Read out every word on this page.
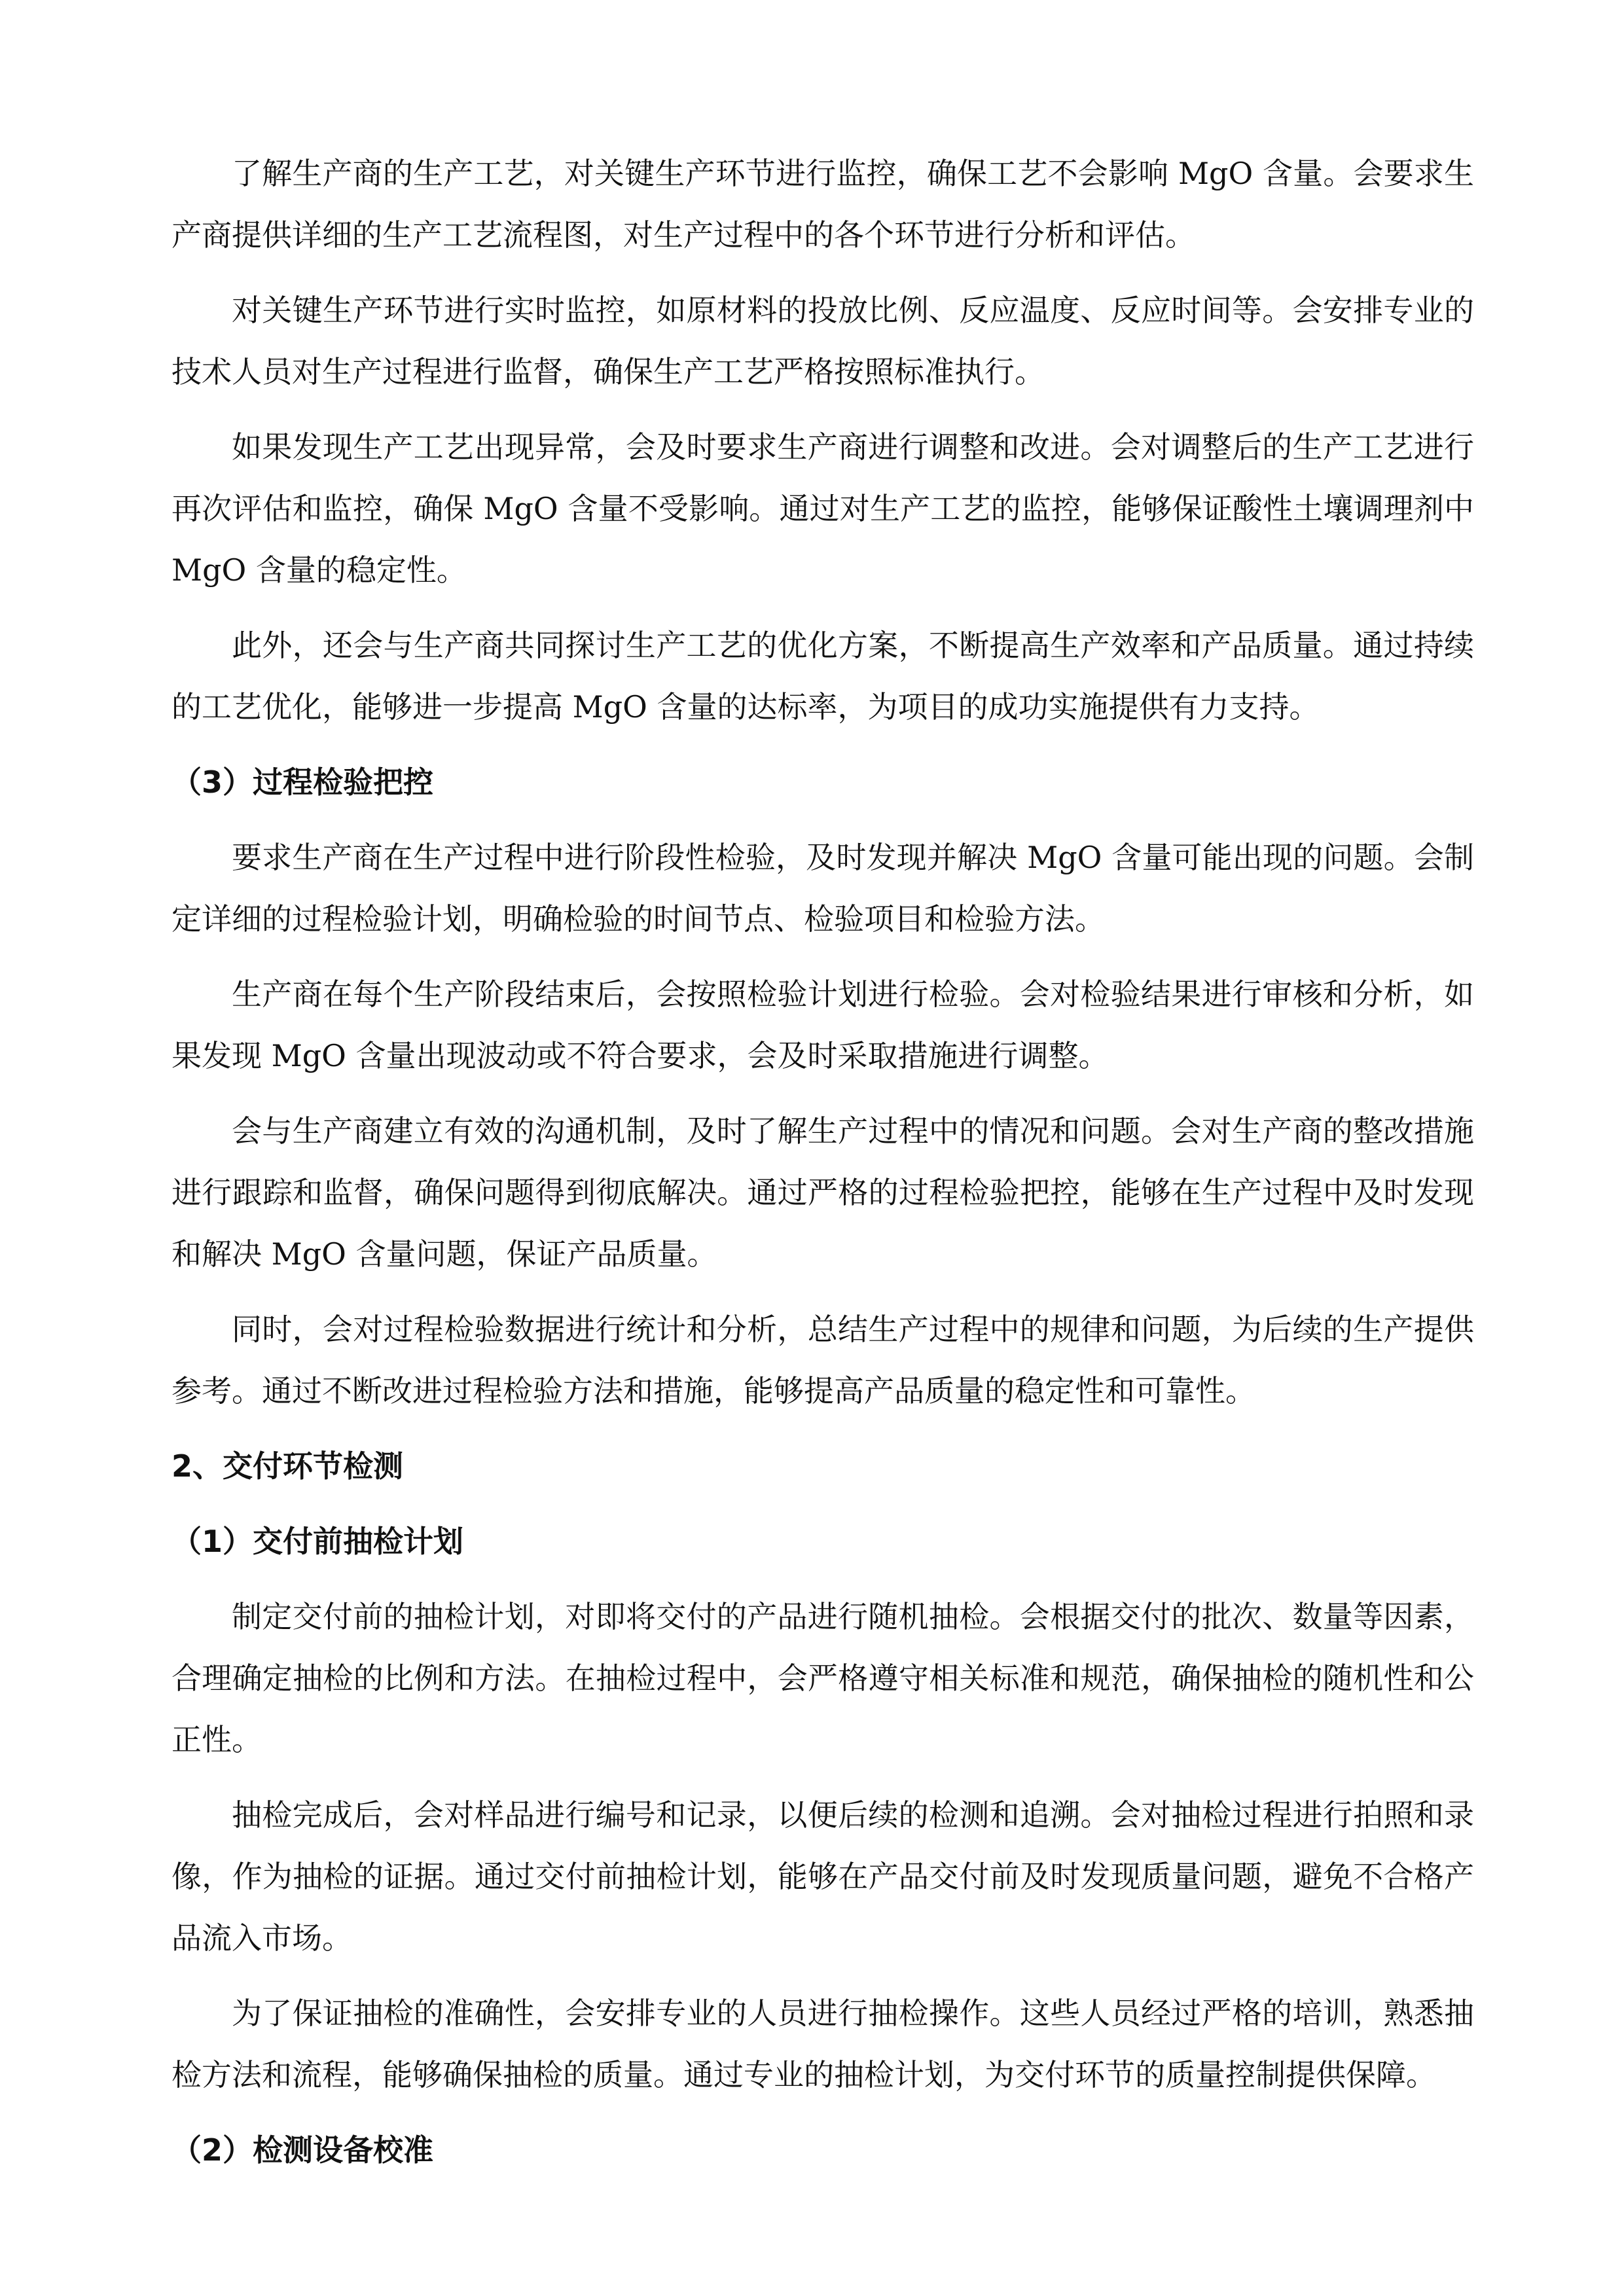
了解生产商的生产工艺，对关键生产环节进行监控，确保工艺不会影响 MgO 含量。会要求生产商提供详细的生产工艺流程图，对生产过程中的各个环节进行分析和评估。

对关键生产环节进行实时监控，如原材料的投放比例、反应温度、反应时间等。会安排专业的技术人员对生产过程进行监督，确保生产工艺严格按照标准执行。

如果发现生产工艺出现异常，会及时要求生产商进行调整和改进。会对调整后的生产工艺进行再次评估和监控，确保 MgO 含量不受影响。通过对生产工艺的监控，能够保证酸性土壤调理剂中 MgO 含量的稳定性。

此外，还会与生产商共同探讨生产工艺的优化方案，不断提高生产效率和产品质量。通过持续的工艺优化，能够进一步提高 MgO 含量的达标率，为项目的成功实施提供有力支持。

（3）过程检验把控

要求生产商在生产过程中进行阶段性检验，及时发现并解决 MgO 含量可能出现的问题。会制定详细的过程检验计划，明确检验的时间节点、检验项目和检验方法。

生产商在每个生产阶段结束后，会按照检验计划进行检验。会对检验结果进行审核和分析，如果发现 MgO 含量出现波动或不符合要求，会及时采取措施进行调整。

会与生产商建立有效的沟通机制，及时了解生产过程中的情况和问题。会对生产商的整改措施进行跟踪和监督，确保问题得到彻底解决。通过严格的过程检验把控，能够在生产过程中及时发现和解决 MgO 含量问题，保证产品质量。

同时，会对过程检验数据进行统计和分析，总结生产过程中的规律和问题，为后续的生产提供参考。通过不断改进过程检验方法和措施，能够提高产品质量的稳定性和可靠性。

2、交付环节检测
（1）交付前抽检计划

制定交付前的抽检计划，对即将交付的产品进行随机抽检。会根据交付的批次、数量等因素，合理确定抽检的比例和方法。在抽检过程中，会严格遵守相关标准和规范，确保抽检的随机性和公正性。

抽检完成后，会对样品进行编号和记录，以便后续的检测和追溯。会对抽检过程进行拍照和录像，作为抽检的证据。通过交付前抽检计划，能够在产品交付前及时发现质量问题，避免不合格产品流入市场。

为了保证抽检的准确性，会安排专业的人员进行抽检操作。这些人员经过严格的培训，熟悉抽检方法和流程，能够确保抽检的质量。通过专业的抽检计划，为交付环节的质量控制提供保障。

（2）检测设备校准
